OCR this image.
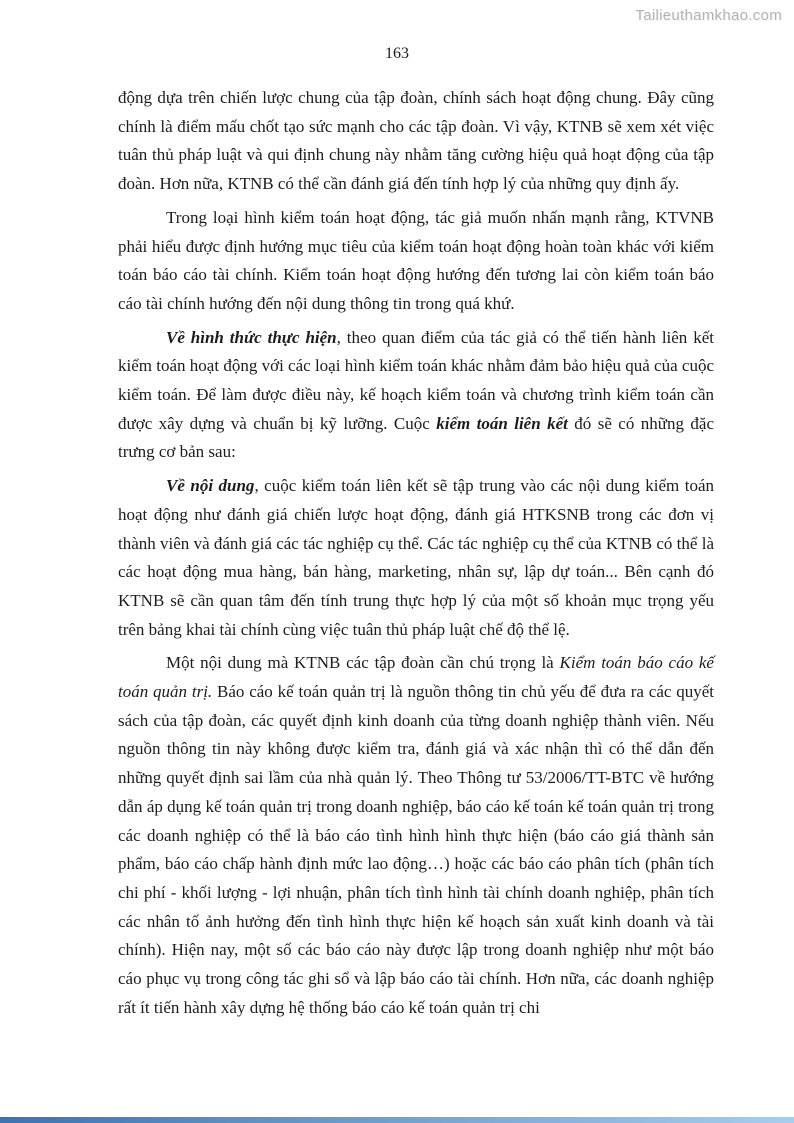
Tailieuthamkhao.com
163

động dựa trên chiến lược chung của tập đoàn, chính sách hoạt động chung. Đây cũng chính là điểm mấu chốt tạo sức mạnh cho các tập đoàn. Vì vậy, KTNB sẽ xem xét việc tuân thủ pháp luật và qui định chung này nhằm tăng cường hiệu quả hoạt động của tập đoàn. Hơn nữa, KTNB có thể cần đánh giá đến tính hợp lý của những quy định ấy.

Trong loại hình kiểm toán hoạt động, tác giả muốn nhấn mạnh rằng, KTVNB phải hiểu được định hướng mục tiêu của kiểm toán hoạt động hoàn toàn khác với kiểm toán báo cáo tài chính. Kiểm toán hoạt động hướng đến tương lai còn kiểm toán báo cáo tài chính hướng đến nội dung thông tin trong quá khứ.

Về hình thức thực hiện, theo quan điểm của tác giả có thể tiến hành liên kết kiểm toán hoạt động với các loại hình kiểm toán khác nhằm đảm bảo hiệu quả của cuộc kiểm toán. Để làm được điều này, kế hoạch kiểm toán và chương trình kiểm toán cần được xây dựng và chuẩn bị kỹ lưỡng. Cuộc kiểm toán liên kết đó sẽ có những đặc trưng cơ bản sau:

Về nội dung, cuộc kiểm toán liên kết sẽ tập trung vào các nội dung kiểm toán hoạt động như đánh giá chiến lược hoạt động, đánh giá HTKSNB trong các đơn vị thành viên và đánh giá các tác nghiệp cụ thể. Các tác nghiệp cụ thể của KTNB có thể là các hoạt động mua hàng, bán hàng, marketing, nhân sự, lập dự toán... Bên cạnh đó KTNB sẽ cần quan tâm đến tính trung thực hợp lý của một số khoản mục trọng yếu trên bảng khai tài chính cùng việc tuân thủ pháp luật chế độ thể lệ.

Một nội dung mà KTNB các tập đoàn cần chú trọng là Kiểm toán báo cáo kế toán quản trị. Báo cáo kế toán quản trị là nguồn thông tin chủ yếu để đưa ra các quyết sách của tập đoàn, các quyết định kinh doanh của từng doanh nghiệp thành viên. Nếu nguồn thông tin này không được kiểm tra, đánh giá và xác nhận thì có thể dẫn đến những quyết định sai lầm của nhà quản lý. Theo Thông tư 53/2006/TT-BTC về hướng dẫn áp dụng kế toán quản trị trong doanh nghiệp, báo cáo kế toán kế toán quản trị trong các doanh nghiệp có thể là báo cáo tình hình hình thực hiện (báo cáo giá thành sản phẩm, báo cáo chấp hành định mức lao động…) hoặc các báo cáo phân tích (phân tích chi phí - khối lượng - lợi nhuận, phân tích tình hình tài chính doanh nghiệp, phân tích các nhân tố ảnh hưởng đến tình hình thực hiện kế hoạch sản xuất kinh doanh và tài chính). Hiện nay, một số các báo cáo này được lập trong doanh nghiệp như một báo cáo phục vụ trong công tác ghi sổ và lập báo cáo tài chính. Hơn nữa, các doanh nghiệp rất ít tiến hành xây dựng hệ thống báo cáo kế toán quản trị chi
